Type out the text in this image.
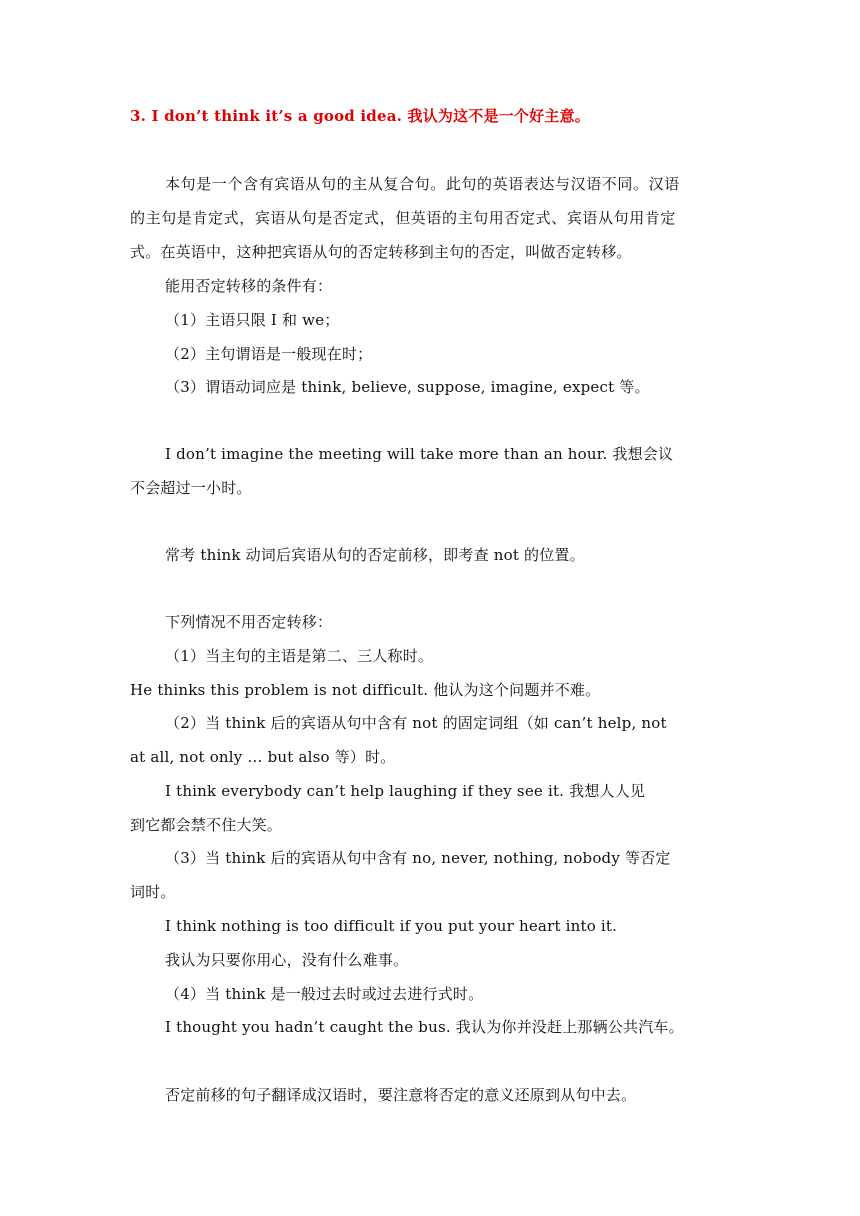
3. I don’t think it’s a good idea. 我认为这不是一个好主意。
本句是一个含有宾语从句的主从复合句。此句的英语表达与汉语不同。汉语
的主句是肯定式，宾语从句是否定式，但英语的主句用否定式、宾语从句用肯定
式。在英语中，这种把宾语从句的否定转移到主句的否定，叫做否定转移。
能用否定转移的条件有：
（1）主语只限 I 和 we；
（2）主句谓语是一般现在时；
（3）谓语动词应是 think, believe, suppose, imagine, expect 等。
I don’t imagine the meeting will take more than an hour. 我想会议
不会超过一小时。
常考 think 动词后宾语从句的否定前移，即考查 not 的位置。
下列情况不用否定转移：
（1）当主句的主语是第二、三人称时。
He thinks this problem is not difficult. 他认为这个问题并不难。
（2）当 think 后的宾语从句中含有 not 的固定词组（如 can’t help, not
at all, not only … but also 等）时。
I think everybody can’t help laughing if they see it. 我想人人见
到它都会禁不住大笑。
（3）当 think 后的宾语从句中含有 no, never, nothing, nobody 等否定
词时。
I think nothing is too difficult if you put your heart into it.
我认为只要你用心，没有什么难事。
（4）当 think 是一般过去时或过去进行式时。
I thought you hadn’t caught the bus. 我认为你并没赶上那辆公共汽车。
否定前移的句子翻译成汉语时，要注意将否定的意义还原到从句中去。
